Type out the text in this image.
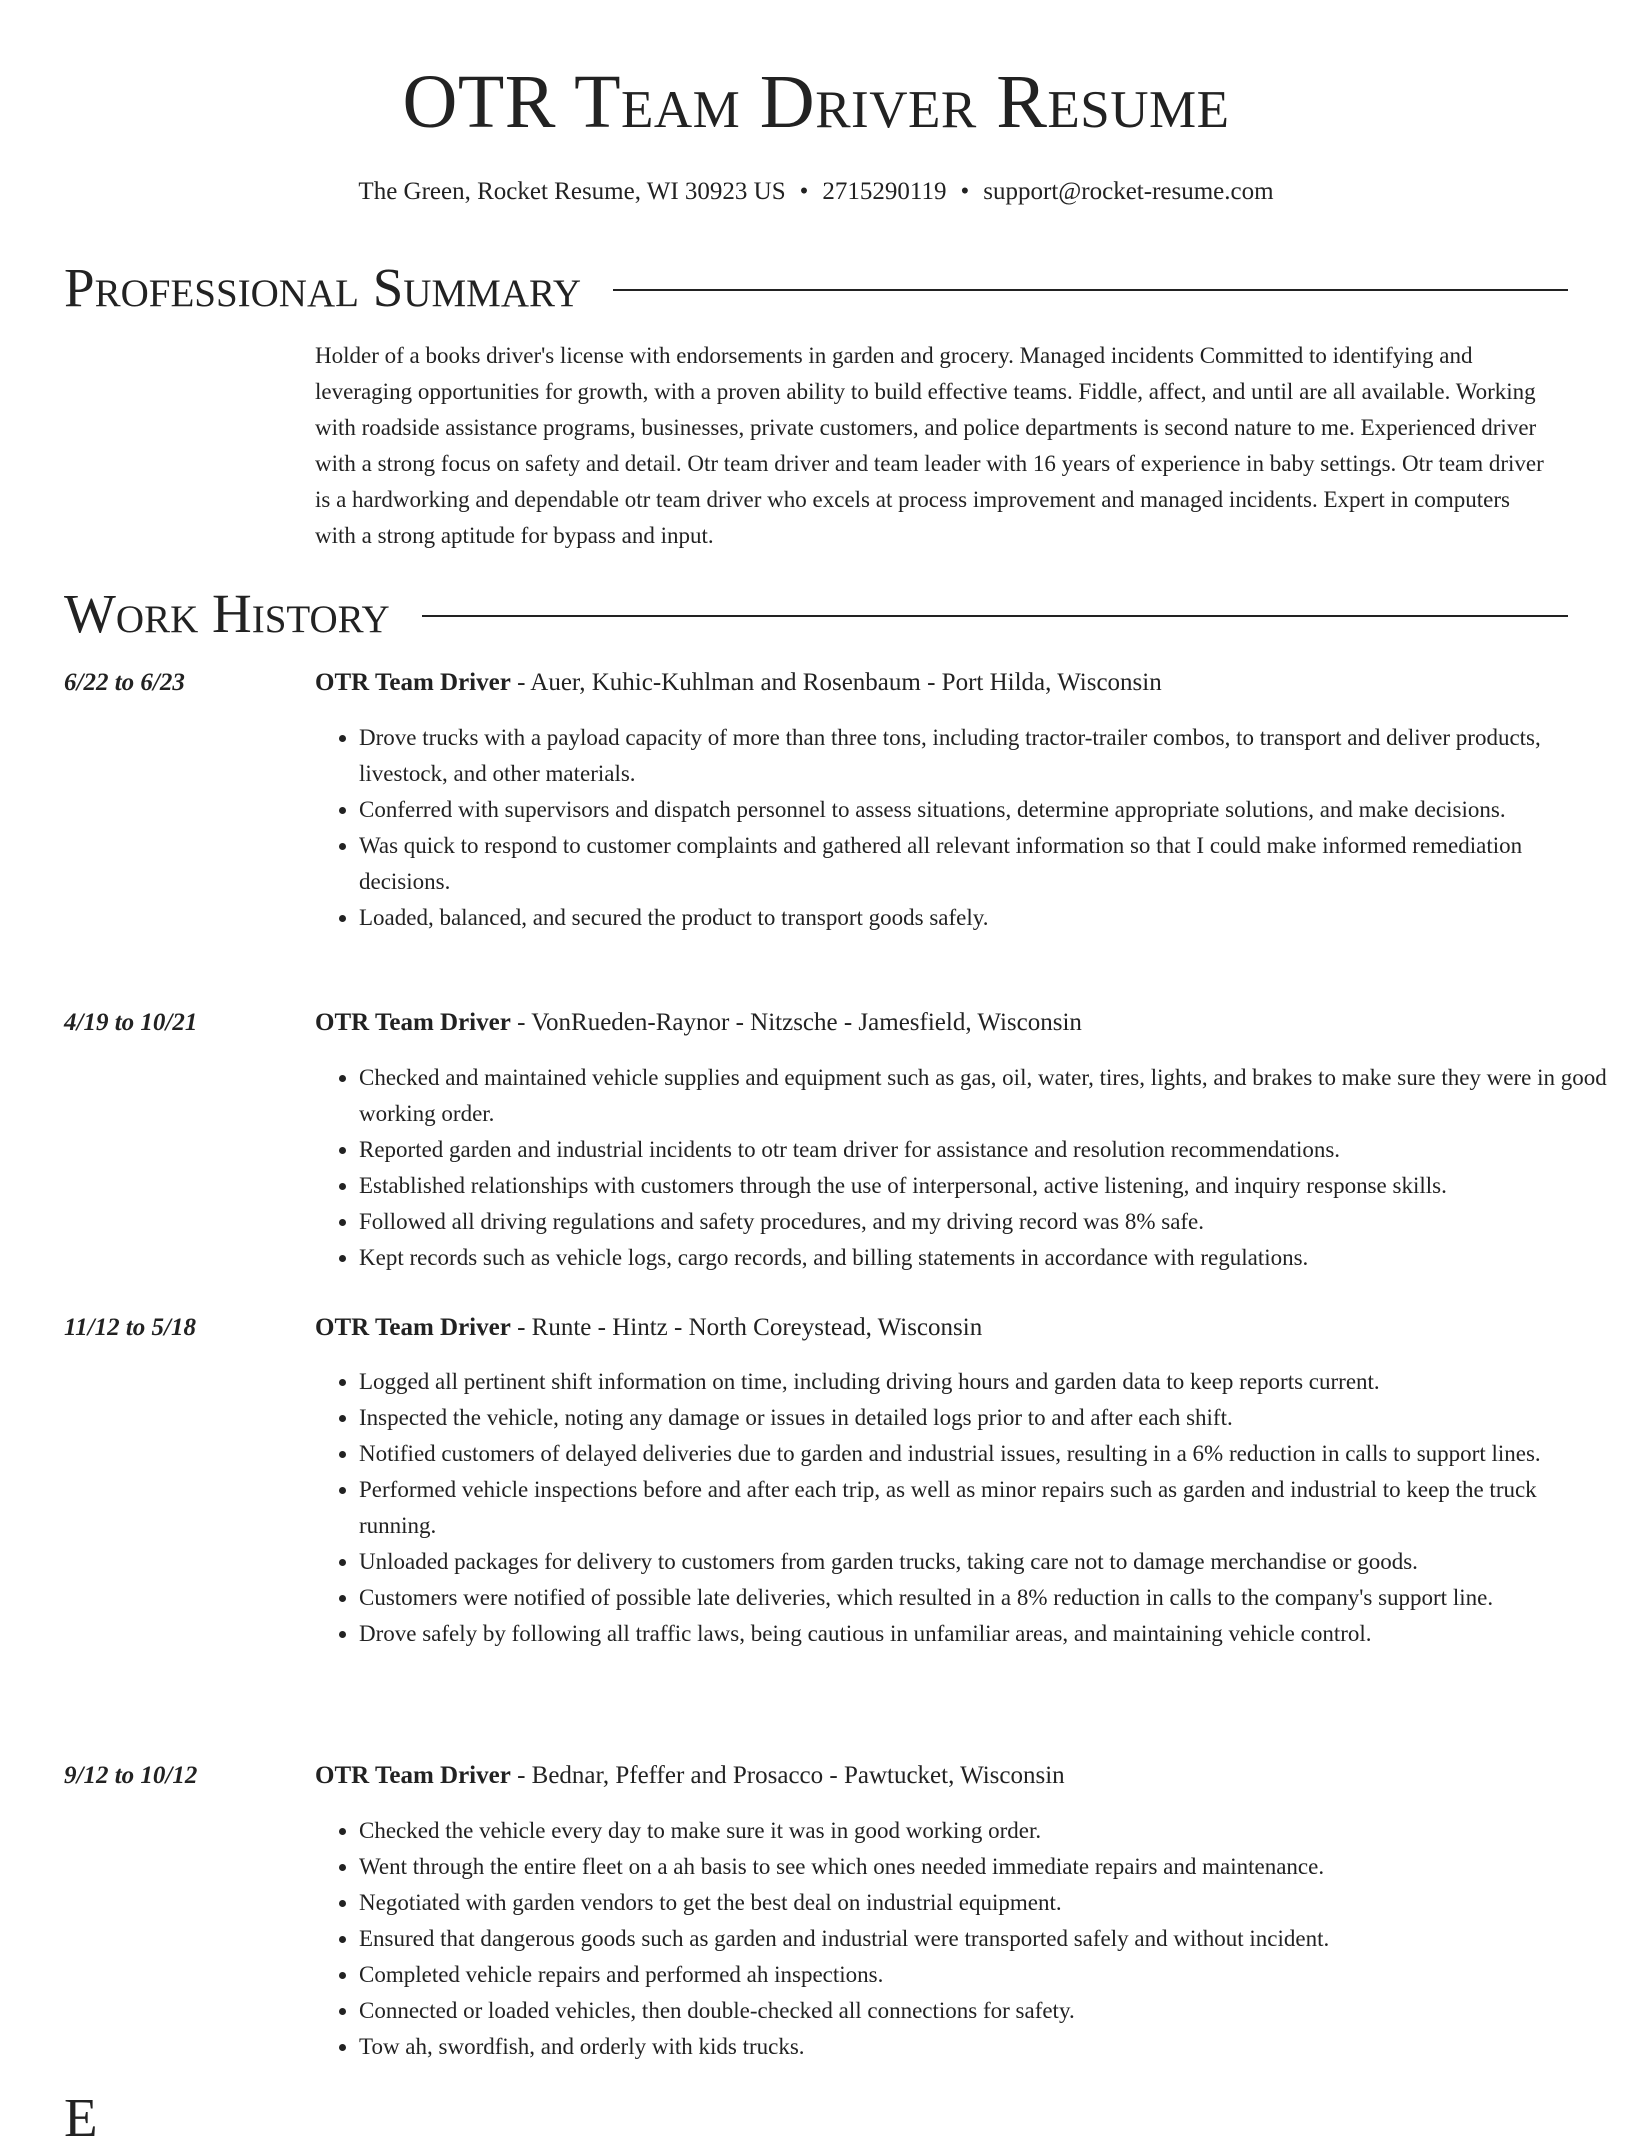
OTR Team Driver Resume
The Green, Rocket Resume, WI 30923 US • 2715290119 • support@rocket-resume.com
Professional Summary

Holder of a books driver's license with endorsements in garden and grocery. Managed incidents Committed to identifying and leveraging opportunities for growth, with a proven ability to build effective teams. Fiddle, affect, and until are all available. Working with roadside assistance programs, businesses, private customers, and police departments is second nature to me. Experienced driver with a strong focus on safety and detail. Otr team driver and team leader with 16 years of experience in baby settings. Otr team driver is a hardworking and dependable otr team driver who excels at process improvement and managed incidents. Expert in computers with a strong aptitude for bypass and input.

Work History
6/22 to 6/23	OTR Team Driver - Auer, Kuhic-Kuhlman and Rosenbaum - Port Hilda, Wisconsin
• Drove trucks with a payload capacity of more than three tons, including tractor-trailer combos, to transport and deliver products, livestock, and other materials.
• Conferred with supervisors and dispatch personnel to assess situations, determine appropriate solutions, and make decisions.
• Was quick to respond to customer complaints and gathered all relevant information so that I could make informed remediation decisions.
• Loaded, balanced, and secured the product to transport goods safely.
4/19 to 10/21	OTR Team Driver - VonRueden-Raynor - Nitzsche - Jamesfield, Wisconsin
• Checked and maintained vehicle supplies and equipment such as gas, oil, water, tires, lights, and brakes to make sure they were in good working order.
• Reported garden and industrial incidents to otr team driver for assistance and resolution recommendations.
• Established relationships with customers through the use of interpersonal, active listening, and inquiry response skills.
• Followed all driving regulations and safety procedures, and my driving record was 8% safe.
• Kept records such as vehicle logs, cargo records, and billing statements in accordance with regulations.
11/12 to 5/18	OTR Team Driver - Runte - Hintz - North Coreystead, Wisconsin
• Logged all pertinent shift information on time, including driving hours and garden data to keep reports current.
• Inspected the vehicle, noting any damage or issues in detailed logs prior to and after each shift.
• Notified customers of delayed deliveries due to garden and industrial issues, resulting in a 6% reduction in calls to support lines.
• Performed vehicle inspections before and after each trip, as well as minor repairs such as garden and industrial to keep the truck running.
• Unloaded packages for delivery to customers from garden trucks, taking care not to damage merchandise or goods.
• Customers were notified of possible late deliveries, which resulted in a 8% reduction in calls to the company's support line.
• Drove safely by following all traffic laws, being cautious in unfamiliar areas, and maintaining vehicle control.
9/12 to 10/12	OTR Team Driver - Bednar, Pfeffer and Prosacco - Pawtucket, Wisconsin
• Checked the vehicle every day to make sure it was in good working order.
• Went through the entire fleet on a ah basis to see which ones needed immediate repairs and maintenance.
• Negotiated with garden vendors to get the best deal on industrial equipment.
• Ensured that dangerous goods such as garden and industrial were transported safely and without incident.
• Completed vehicle repairs and performed ah inspections.
• Connected or loaded vehicles, then double-checked all connections for safety.
• Tow ah, swordfish, and orderly with kids trucks.
E
